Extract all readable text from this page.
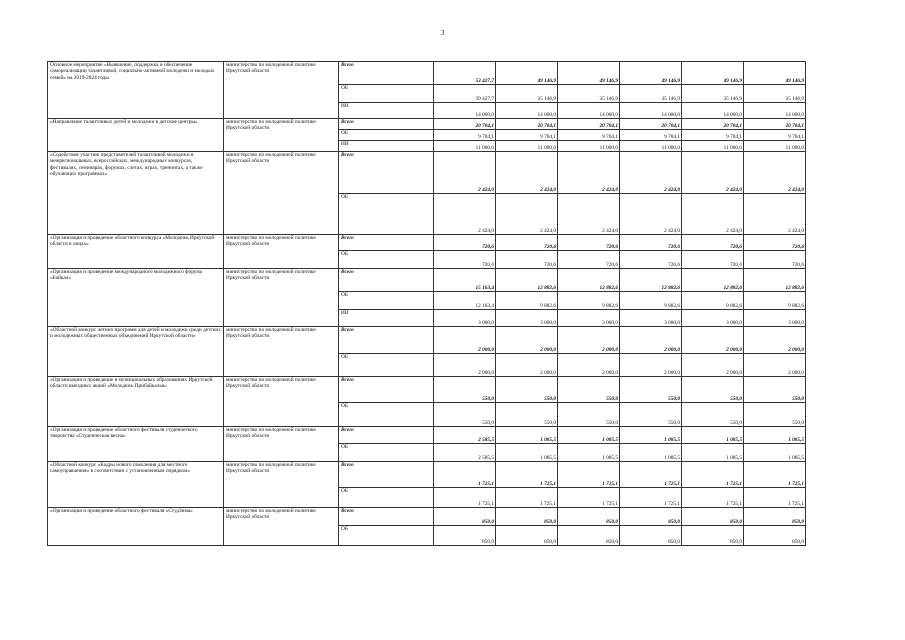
3
Основное мероприятие «Выявление, поддержка и обеспечение самореализации талантливой, социально-активной молодежи и молодых семей» на 2019-2024 годы	министерство по молодежной политике Иркутской области	Всего	53 427,7	49 146,9	49 146,9	49 146,9	49 146,9	49 146,9
		ОБ	39 427,7	35 146,9	35 146,9	35 146,9	35 146,9	35 146,9
		ИИ	14 000,0	14 000,0	14 000,0	14 000,0	14 000,0	14 000,0
«Направление талантливых детей и молодежи в детские центры»	министерство по молодежной политике Иркутской области	Всего	20 704,1	20 704,1	20 704,1	20 704,1	20 704,1	20 704,1
		ОБ	9 704,1	9 704,1	9 704,1	9 704,1	9 704,1	9 704,1
		ИИ	11 000,0	11 000,0	11 000,0	11 000,0	11 000,0	11 000,0
«Содействие участию представителей талантливой молодежи в межрегиональных, всероссийских, международных конкурсах, фестивалях, семинарах, форумах, слетах, играх, тренингах, а также обучающих программах»	министерство по молодежной политике Иркутской области	Всего	2 424,0	2 424,0	2 424,0	2 424,0	2 424,0	2 424,0
		ОБ	2 424,0	2 424,0	2 424,0	2 424,0	2 424,0	2 424,0
«Организация и проведение областного конкурса «Молодежь Иркутской области в лицах»	министерство по молодежной политике Иркутской области	Всего	720,6	720,6	720,6	720,6	720,6	720,6
		ОБ	720,6	720,6	720,6	720,6	720,6	720,6
«Организация и проведение международного молодежного форума «Байкал»	министерство по молодежной политике Иркутской области	Всего	15 163,4	12 882,6	12 882,6	12 882,6	12 882,6	12 882,6
		ОБ	12 163,4	9 882,6	9 882,6	9 882,6	9 882,6	9 882,6
		ИИ	3 000,0	3 000,0	3 000,0	3 000,0	3 000,0	3 000,0
«Областной конкурс летних программ для детей и молодежи среди детских и молодежных общественных объединений Иркутской области»	министерство по молодежной политике Иркутской области	Всего	2 000,0	2 000,0	2 000,0	2 000,0	2 000,0	2 000,0
		ОБ	2 000,0	2 000,0	2 000,0	2 000,0	2 000,0	2 000,0
«Организация и проведение в муниципальных образованиях Иркутской области выездных акций «Молодежь Прибайкалья»	министерство по молодежной политике Иркутской области	Всего	550,0	550,0	550,0	550,0	550,0	550,0
		ОБ	550,0	550,0	550,0	550,0	550,0	550,0
«Организация и проведение областного фестиваля студенческого творчества «Студенческая весна»	министерство по молодежной политике Иркутской области	Всего	2 585,5	1 085,5	1 085,5	1 085,5	1 085,5	1 085,5
		ОБ	2 585,5	1 085,5	1 085,5	1 085,5	1 085,5	1 085,5
«Областной конкурс «Кадры нового поколения для местного самоуправления» в соответствии с установленным порядком»	министерство по молодежной политике Иркутской области	Всего	1 725,1	1 725,1	1 725,1	1 725,1	1 725,1	1 725,1
		ОБ	1 725,1	1 725,1	1 725,1	1 725,1	1 725,1	1 725,1
«Организация и проведение областного фестиваля «СтудЗима»	министерство по молодежной политике Иркутской области	Всего	850,0	850,0	850,0	850,0	850,0	850,0
		ОБ	850,0	850,0	850,0	850,0	850,0	850,0
